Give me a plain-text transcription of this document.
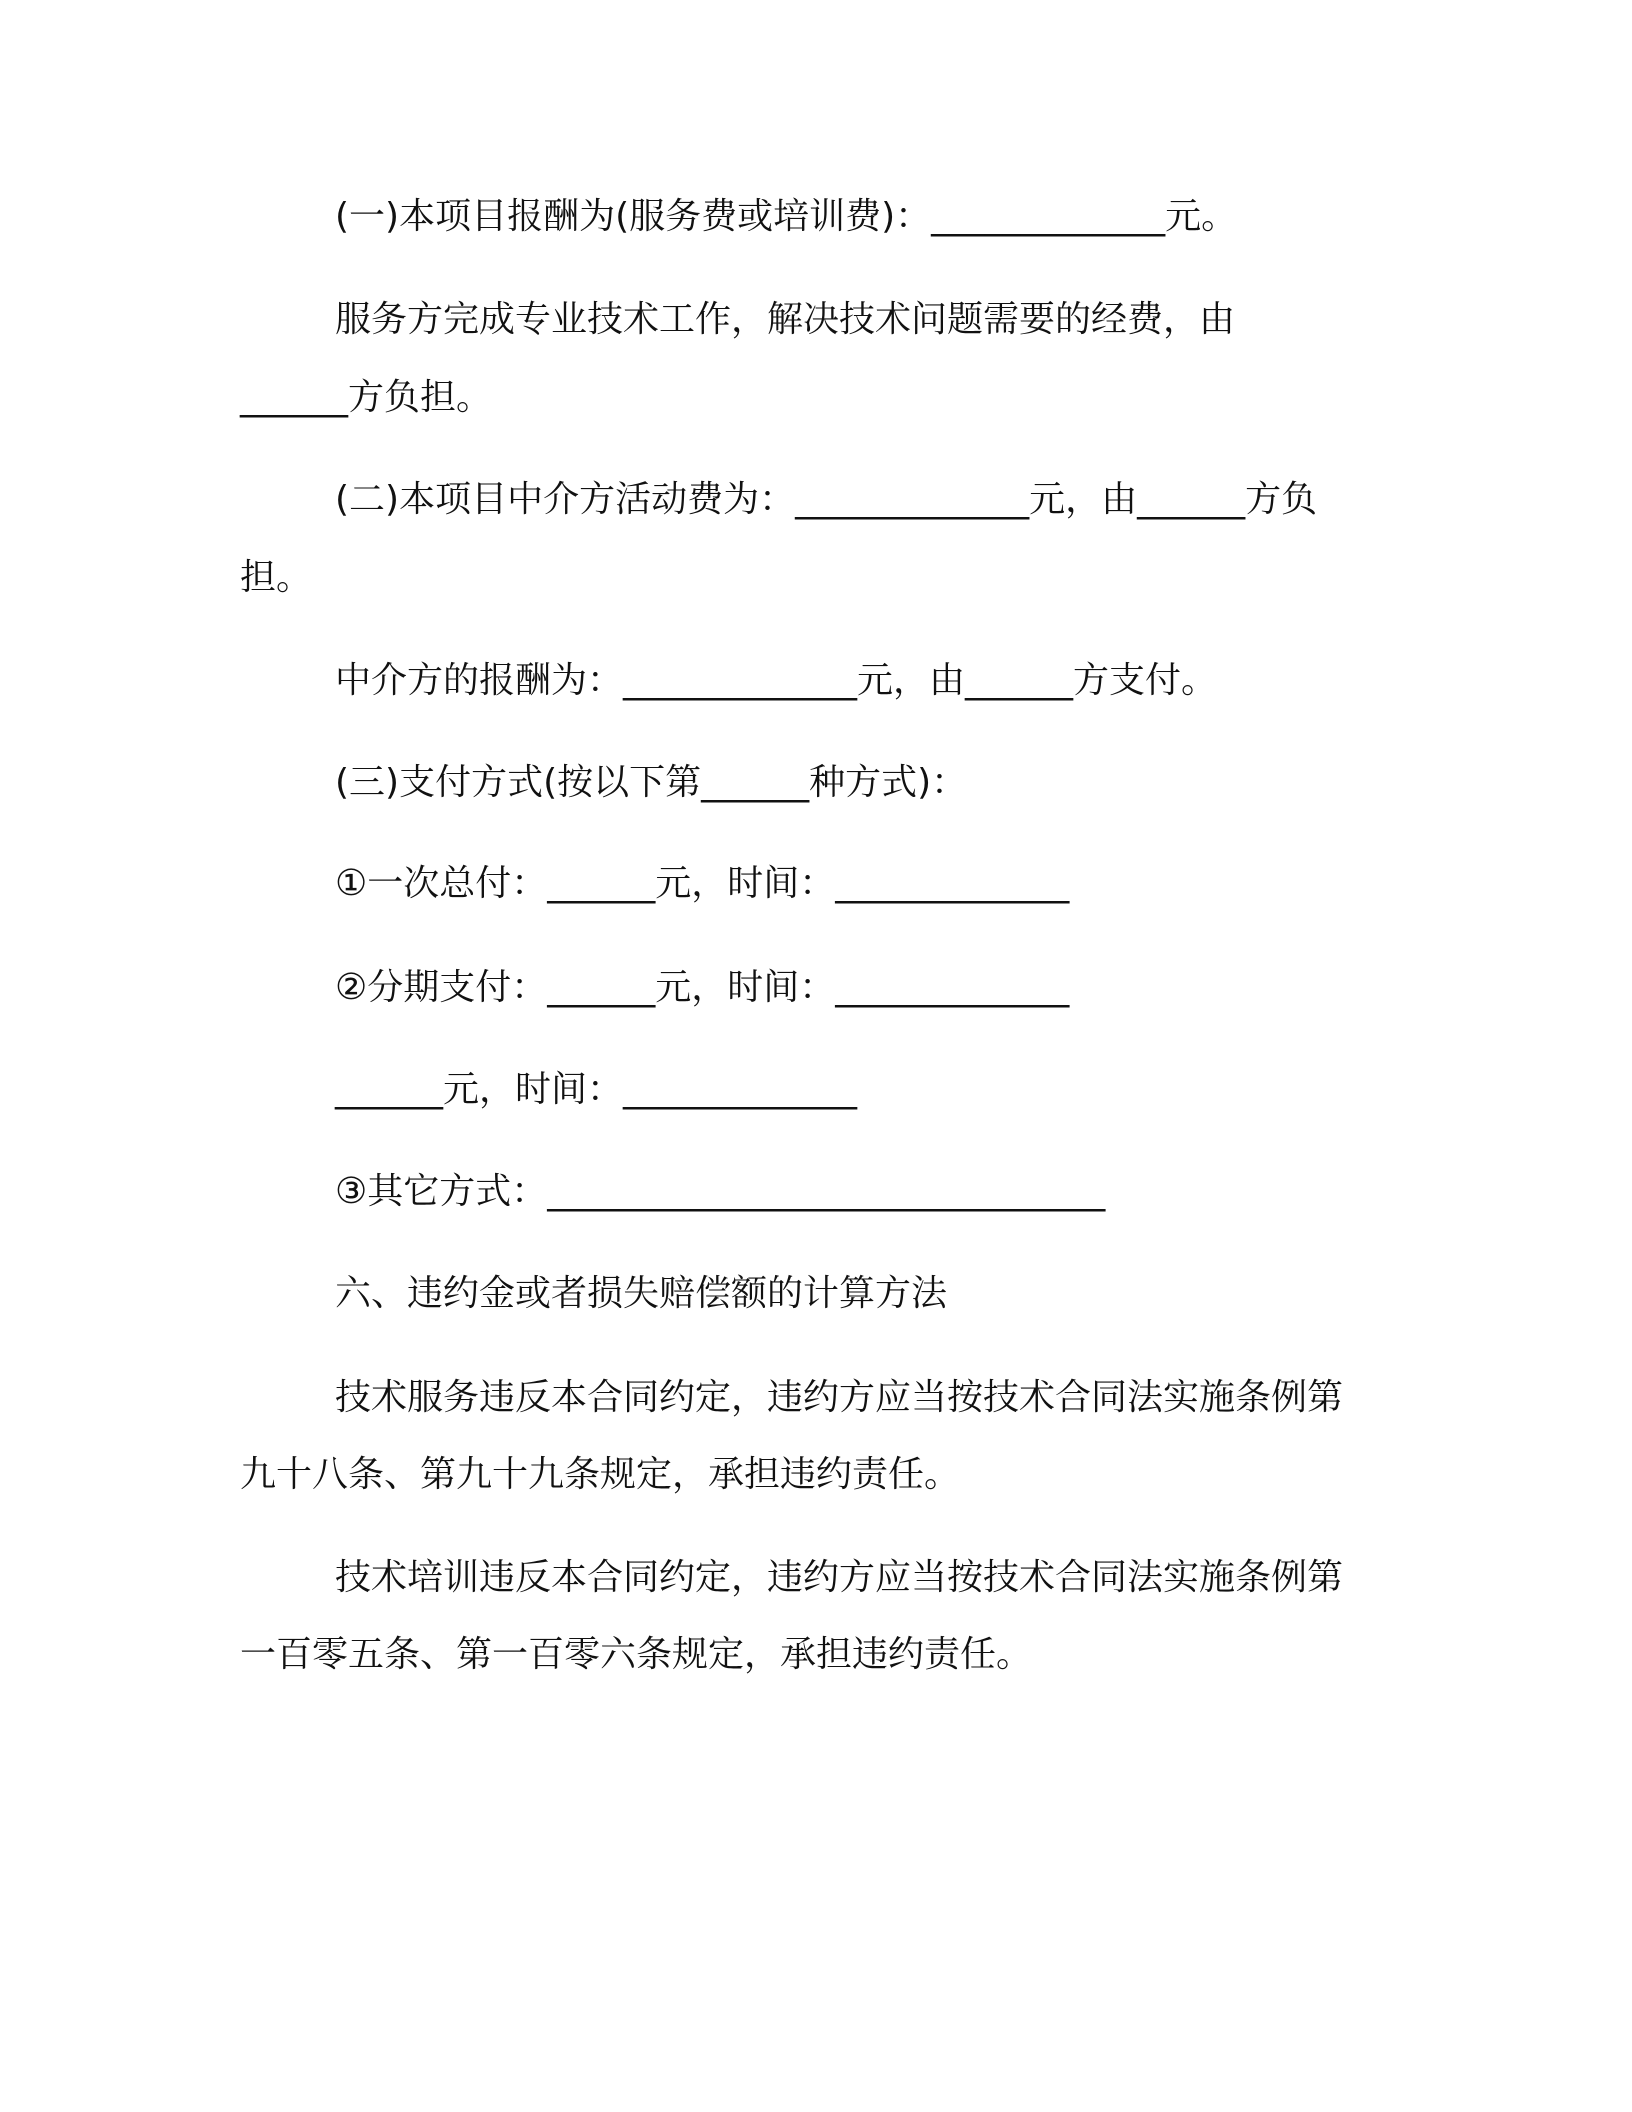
(一)本项目报酬为(服务费或培训费)：_____________元。
服务方完成专业技术工作，解决技术问题需要的经费，由
______方负担。
(二)本项目中介方活动费为：_____________元，由______方负
担。
中介方的报酬为：_____________元，由______方支付。
(三)支付方式(按以下第______种方式)：
①一次总付：______元，时间：_____________
②分期支付：______元，时间：_____________
______元，时间：_____________
③其它方式：_______________________________
六、违约金或者损失赔偿额的计算方法
技术服务违反本合同约定，违约方应当按技术合同法实施条例第
九十八条、第九十九条规定，承担违约责任。
技术培训违反本合同约定，违约方应当按技术合同法实施条例第
一百零五条、第一百零六条规定，承担违约责任。
